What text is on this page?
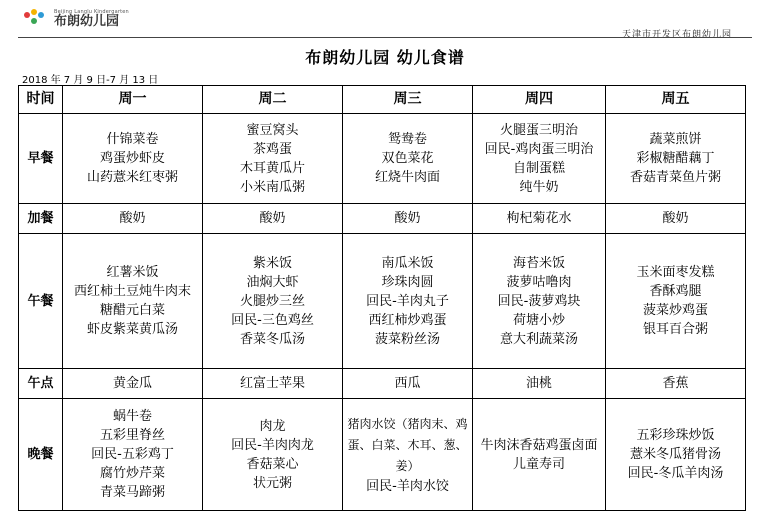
Beijing Langlu Kindergarten
布朗幼儿园
天津市开发区布朗幼儿园
布朗幼儿园 幼儿食谱
2018 年 7 月 9 日-7 月 13 日
时间	周一	周二	周三	周四	周五
早餐	什锦菜卷
鸡蛋炒虾皮
山药薏米红枣粥	蜜豆窝头
茶鸡蛋
木耳黄瓜片
小米南瓜粥	鸳鸯卷
双色菜花
红烧牛肉面	火腿蛋三明治
回民-鸡肉蛋三明治
自制蛋糕
纯牛奶	蔬菜煎饼
彩椒糖醋藕丁
香菇青菜鱼片粥

加餐	酸奶	酸奶	酸奶	枸杞菊花水	酸奶

午餐	红薯米饭
西红柿土豆炖牛肉末
糖醋元白菜
虾皮紫菜黄瓜汤	紫米饭
油焖大虾
火腿炒三丝
回民-三色鸡丝
香菜冬瓜汤	南瓜米饭
珍珠肉圆
回民-羊肉丸子
西红柿炒鸡蛋
菠菜粉丝汤	海苔米饭
菠萝咕噜肉
回民-菠萝鸡块
荷塘小炒
意大利蔬菜汤	玉米面枣发糕
香酥鸡腿
菠菜炒鸡蛋
银耳百合粥

午点	黄金瓜	红富士苹果	西瓜	油桃	香蕉

晚餐	蜗牛卷
五彩里脊丝
回民-五彩鸡丁
腐竹炒芹菜
青菜马蹄粥	肉龙
回民-羊肉肉龙
香菇菜心
状元粥	猪肉水饺（猪肉末、鸡
蛋、白菜、木耳、葱、姜）
回民-羊肉水饺	牛肉沫香菇鸡蛋卤面
儿童寿司	五彩珍珠炒饭
薏米冬瓜猪骨汤
回民-冬瓜羊肉汤
